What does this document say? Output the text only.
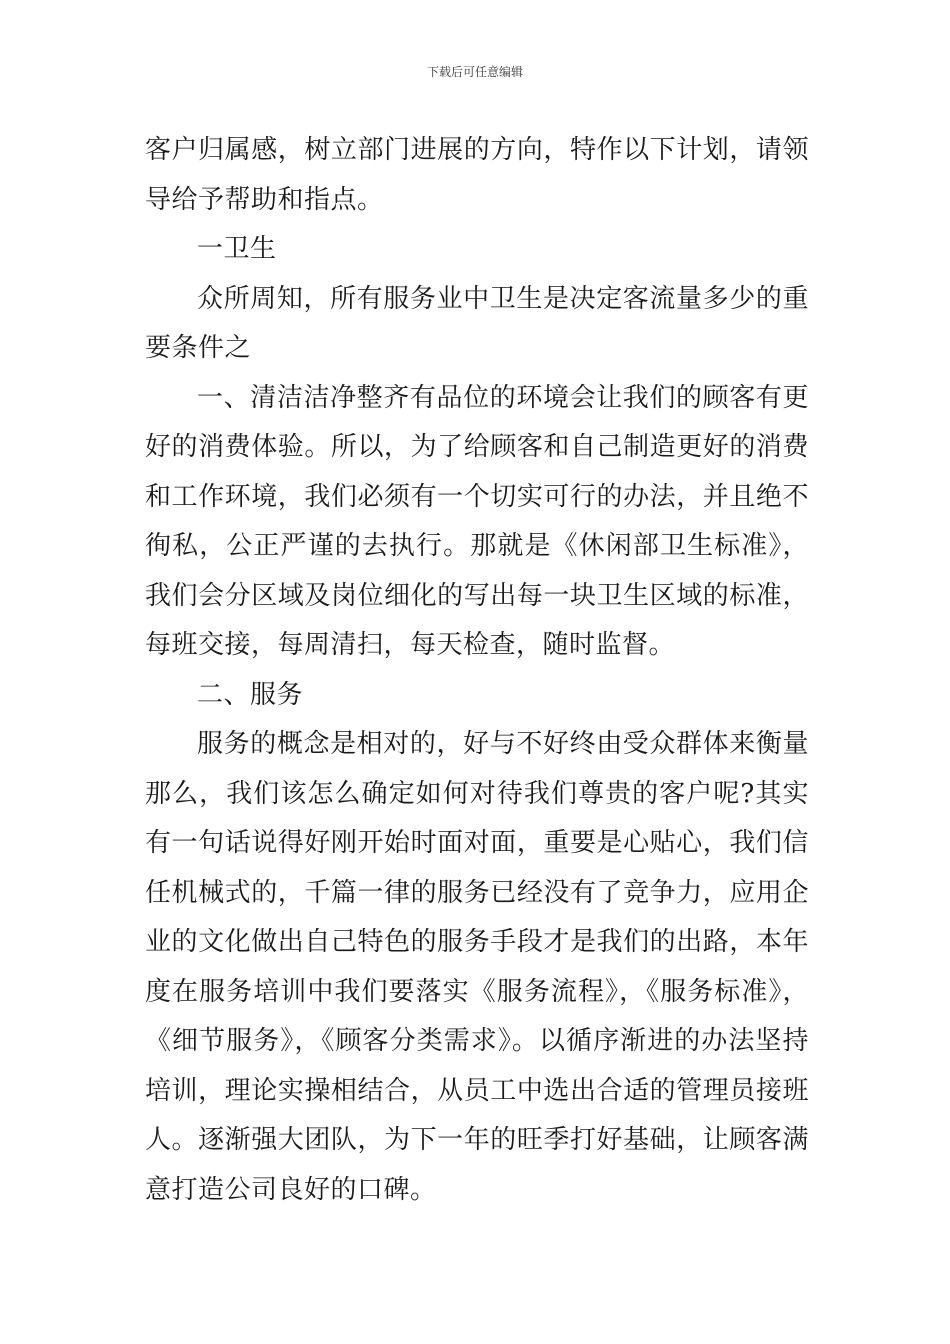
下载后可任意编辑

客户归属感，树立部门进展的方向，特作以下计划，请领导给予帮助和指点。

一卫生

众所周知，所有服务业中卫生是决定客流量多少的重要条件之

一、清洁洁净整齐有品位的环境会让我们的顾客有更好的消费体验。所以，为了给顾客和自己制造更好的消费和工作环境，我们必须有一个切实可行的办法，并且绝不徇私，公正严谨的去执行。那就是《休闲部卫生标准》，我们会分区域及岗位细化的写出每一块卫生区域的标准，每班交接，每周清扫，每天检查，随时监督。

二、服务

服务的概念是相对的，好与不好终由受众群体来衡量那么，我们该怎么确定如何对待我们尊贵的客户呢?其实有一句话说得好刚开始时面对面，重要是心贴心，我们信任机械式的，千篇一律的服务已经没有了竞争力，应用企业的文化做出自己特色的服务手段才是我们的出路，本年度在服务培训中我们要落实《服务流程》，《服务标准》，《细节服务》，《顾客分类需求》。以循序渐进的办法坚持培训，理论实操相结合，从员工中选出合适的管理员接班人。逐渐强大团队，为下一年的旺季打好基础，让顾客满意打造公司良好的口碑。
